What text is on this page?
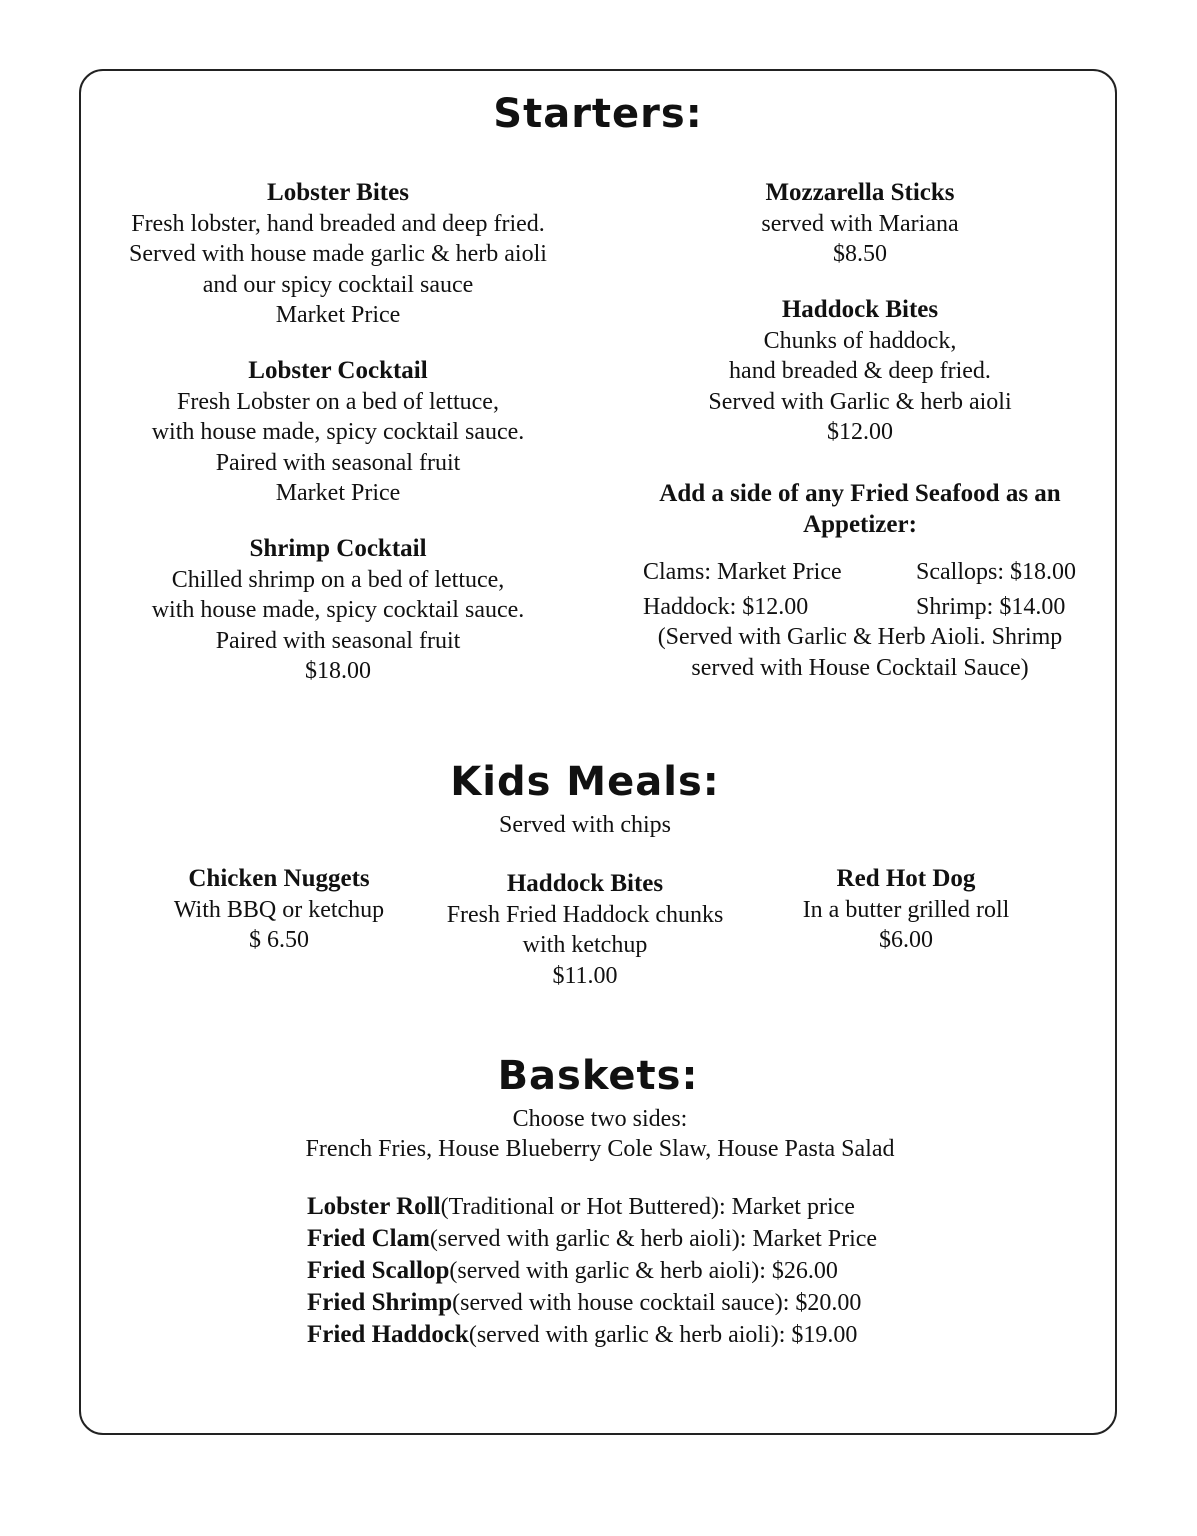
Starters:
Lobster Bites
Fresh lobster, hand breaded and deep fried.
Served with house made garlic & herb aioli
and our spicy cocktail sauce
Market Price
Lobster Cocktail
Fresh Lobster on a bed of lettuce,
with house made, spicy cocktail sauce.
Paired with seasonal fruit
Market Price
Shrimp Cocktail
Chilled shrimp on a bed of lettuce,
with house made, spicy cocktail sauce.
Paired with seasonal fruit
$18.00
Mozzarella Sticks
served with Mariana
$8.50
Haddock Bites
Chunks of haddock,
hand breaded & deep fried.
Served with Garlic & herb aioli
$12.00
Add a side of any Fried Seafood as an
Appetizer:
Clams: Market Price	Scallops: $18.00
Haddock: $12.00	Shrimp: $14.00
(Served with Garlic & Herb Aioli. Shrimp
served with House Cocktail Sauce)
Kids Meals:
Served with chips
Chicken Nuggets
With BBQ or ketchup
$ 6.50
Haddock Bites
Fresh Fried Haddock chunks
with ketchup
$11.00
Red Hot Dog
In a butter grilled roll
$6.00
Baskets:
Choose two sides:
French Fries, House Blueberry Cole Slaw, House Pasta Salad
Lobster Roll(Traditional or Hot Buttered): Market price
Fried Clam(served with garlic & herb aioli): Market Price
Fried Scallop(served with garlic & herb aioli): $26.00
Fried Shrimp(served with house cocktail sauce): $20.00
Fried Haddock(served with garlic & herb aioli): $19.00
